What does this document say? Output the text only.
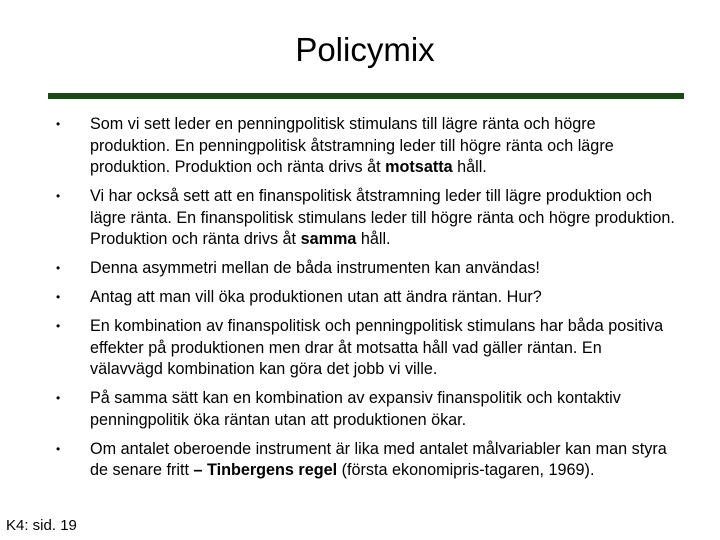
Policymix
• Som vi sett leder en penningpolitisk stimulans till lägre ränta och högre produktion. En penningpolitisk åtstramning leder till högre ränta och lägre produktion. Produktion och ränta drivs åt motsatta håll.
• Vi har också sett att en finanspolitisk åtstramning leder till lägre produktion och lägre ränta. En finanspolitisk stimulans leder till högre ränta och högre produktion. Produktion och ränta drivs åt samma håll.
• Denna asymmetri mellan de båda instrumenten kan användas!
• Antag att man vill öka produktionen utan att ändra räntan. Hur?
• En kombination av finanspolitisk och penningpolitisk stimulans har båda positiva effekter på produktionen men drar åt motsatta håll vad gäller räntan. En välavvägd kombination kan göra det jobb vi ville.
• På samma sätt kan en kombination av expansiv finanspolitik och kontaktiv penningpolitik öka räntan utan att produktionen ökar.
• Om antalet oberoende instrument är lika med antalet målvariabler kan man styra de senare fritt – Tinbergens regel (första ekonomipris-tagaren, 1969).
K4: sid. 19
